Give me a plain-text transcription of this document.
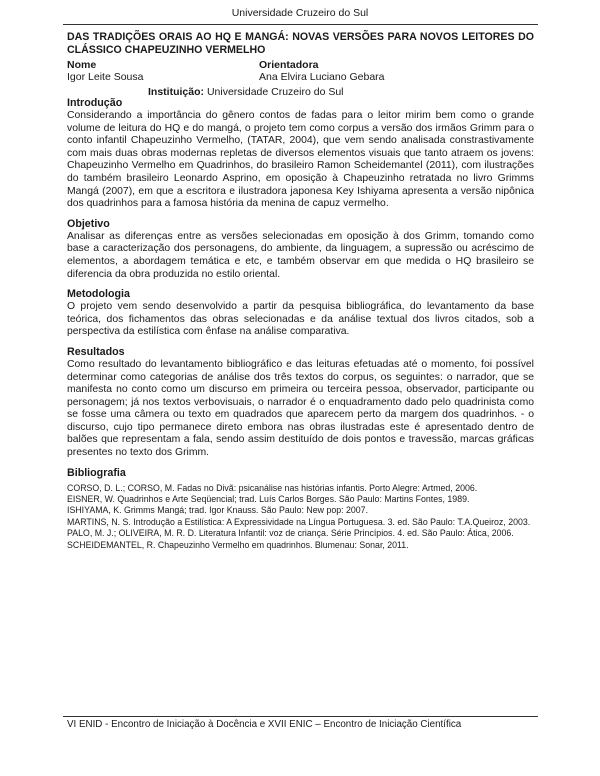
Universidade Cruzeiro do Sul

DAS TRADIÇÕES ORAIS AO HQ E MANGÁ: NOVAS VERSÕES PARA NOVOS LEITORES DO CLÁSSICO CHAPEUZINHO VERMELHO

Nome
Igor Leite Sousa
Orientadora
Ana Elvira Luciano Gebara
Instituição: Universidade Cruzeiro do Sul
Introdução

Considerando a importância do gênero contos de fadas para o leitor mirim bem como o grande volume de leitura do HQ e do mangá, o projeto tem como corpus a versão dos irmãos Grimm para o conto infantil Chapeuzinho Vermelho, (TATAR, 2004), que vem sendo analisada constrastivamente com mais duas obras modernas repletas de diversos elementos visuais que tanto atraem os jovens: Chapeuzinho Vermelho em Quadrinhos, do brasileiro Ramon Scheidemantel (2011), com ilustrações do também brasileiro Leonardo Asprino, em oposição à Chapeuzinho retratada no livro Grimms Mangá (2007), em que a escritora e ilustradora japonesa Key Ishiyama apresenta a versão nipônica dos quadrinhos para a famosa história da menina de capuz vermelho.

Objetivo

Analisar as diferenças entre as versões selecionadas em oposição à dos Grimm, tomando como base a caracterização dos personagens, do ambiente, da linguagem, a supressão ou acréscimo de elementos, a abordagem temática e etc, e também observar em que medida o HQ brasileiro se diferencia da obra produzida no estilo oriental.

Metodologia

O projeto vem sendo desenvolvido a partir da pesquisa bibliográfica, do levantamento da base teórica, dos fichamentos das obras selecionadas e da análise textual dos livros citados, sob a perspectiva da estilística com ênfase na análise comparativa.

Resultados

Como resultado do levantamento bibliográfico e das leituras efetuadas até o momento, foi possível determinar como categorias de análise dos três textos do corpus, os seguintes: o narrador, que se manifesta no conto como um discurso em primeira ou terceira pessoa, observador, participante ou personagem; já nos textos verbovisuais, o narrador é o enquadramento dado pelo quadrinista como se fosse uma câmera ou texto em quadrados que aparecem perto da margem dos quadrinhos. - o discurso, cujo tipo permanece direto embora nas obras ilustradas este é apresentado dentro de balões que representam a fala, sendo assim destituído de dois pontos e travessão, marcas gráficas presentes no texto dos Grimm.

Bibliografia

CORSO, D. L.; CORSO, M. Fadas no Divã: psicanálise nas histórias infantis. Porto Alegre: Artmed, 2006.

EISNER, W. Quadrinhos e Arte Seqüencial; trad. Luís Carlos Borges. São Paulo: Martins Fontes, 1989.

ISHIYAMA, K. Grimms Mangá; trad. Igor Knauss. São Paulo: New pop: 2007.

MARTINS, N. S. Introdução a Estilística: A Expressividade na Língua Portuguesa. 3. ed. São Paulo: T.A.Queiroz, 2003.

PALO, M. J.; OLIVEIRA, M. R. D. Literatura Infantil: voz de criança. Série Princípios. 4. ed. São Paulo: Ática, 2006.

SCHEIDEMANTEL, R. Chapeuzinho Vermelho em quadrinhos. Blumenau: Sonar, 2011.

VI ENID - Encontro de Iniciação à Docência e XVII ENIC – Encontro de Iniciação Científica
